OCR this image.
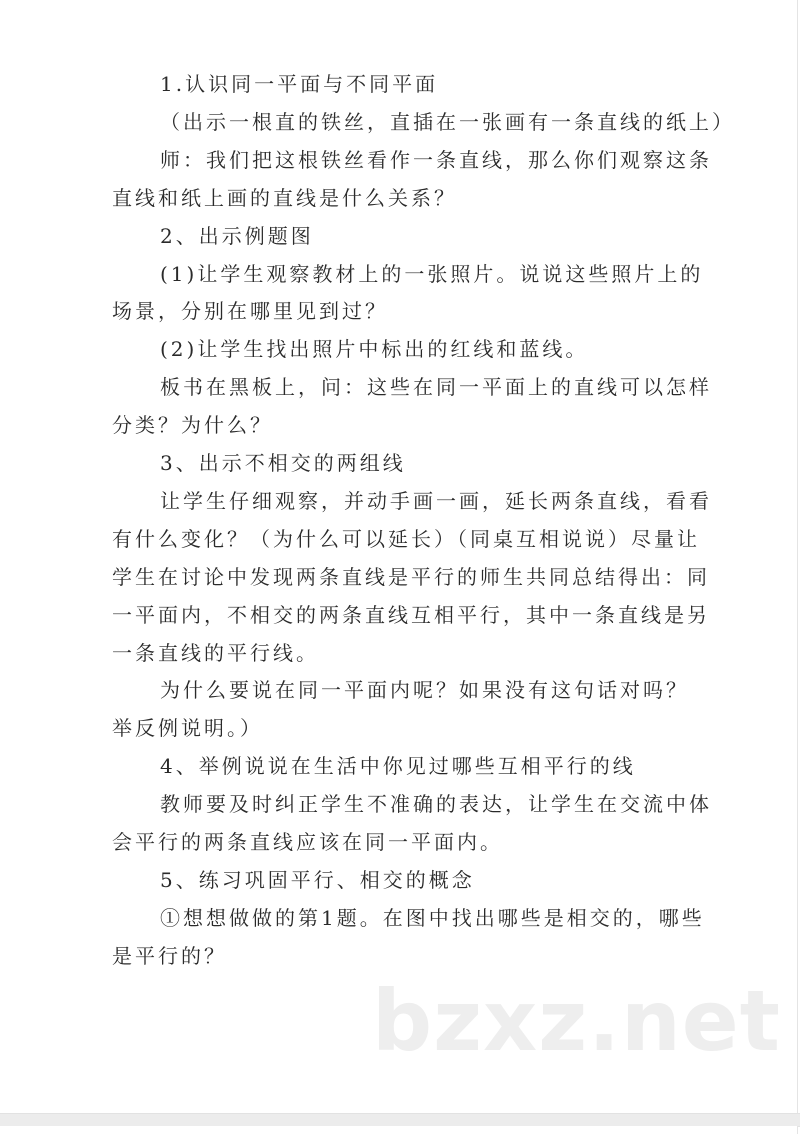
1.认识同一平面与不同平面
（出示一根直的铁丝，直插在一张画有一条直线的纸上）
师：我们把这根铁丝看作一条直线，那么你们观察这条
直线和纸上画的直线是什么关系？
2、出示例题图
(1)让学生观察教材上的一张照片。说说这些照片上的
场景，分别在哪里见到过？
(2)让学生找出照片中标出的红线和蓝线。
板书在黑板上，问：这些在同一平面上的直线可以怎样
分类？为什么？
3、出示不相交的两组线
让学生仔细观察，并动手画一画，延长两条直线，看看
有什么变化？（为什么可以延长）（同桌互相说说）尽量让
学生在讨论中发现两条直线是平行的师生共同总结得出：同
一平面内，不相交的两条直线互相平行，其中一条直线是另
一条直线的平行线。
为什么要说在同一平面内呢？如果没有这句话对吗？
举反例说明。）
4、举例说说在生活中你见过哪些互相平行的线
教师要及时纠正学生不准确的表达，让学生在交流中体
会平行的两条直线应该在同一平面内。
5、练习巩固平行、相交的概念
①想想做做的第1题。在图中找出哪些是相交的，哪些
是平行的？
bzxz.net
